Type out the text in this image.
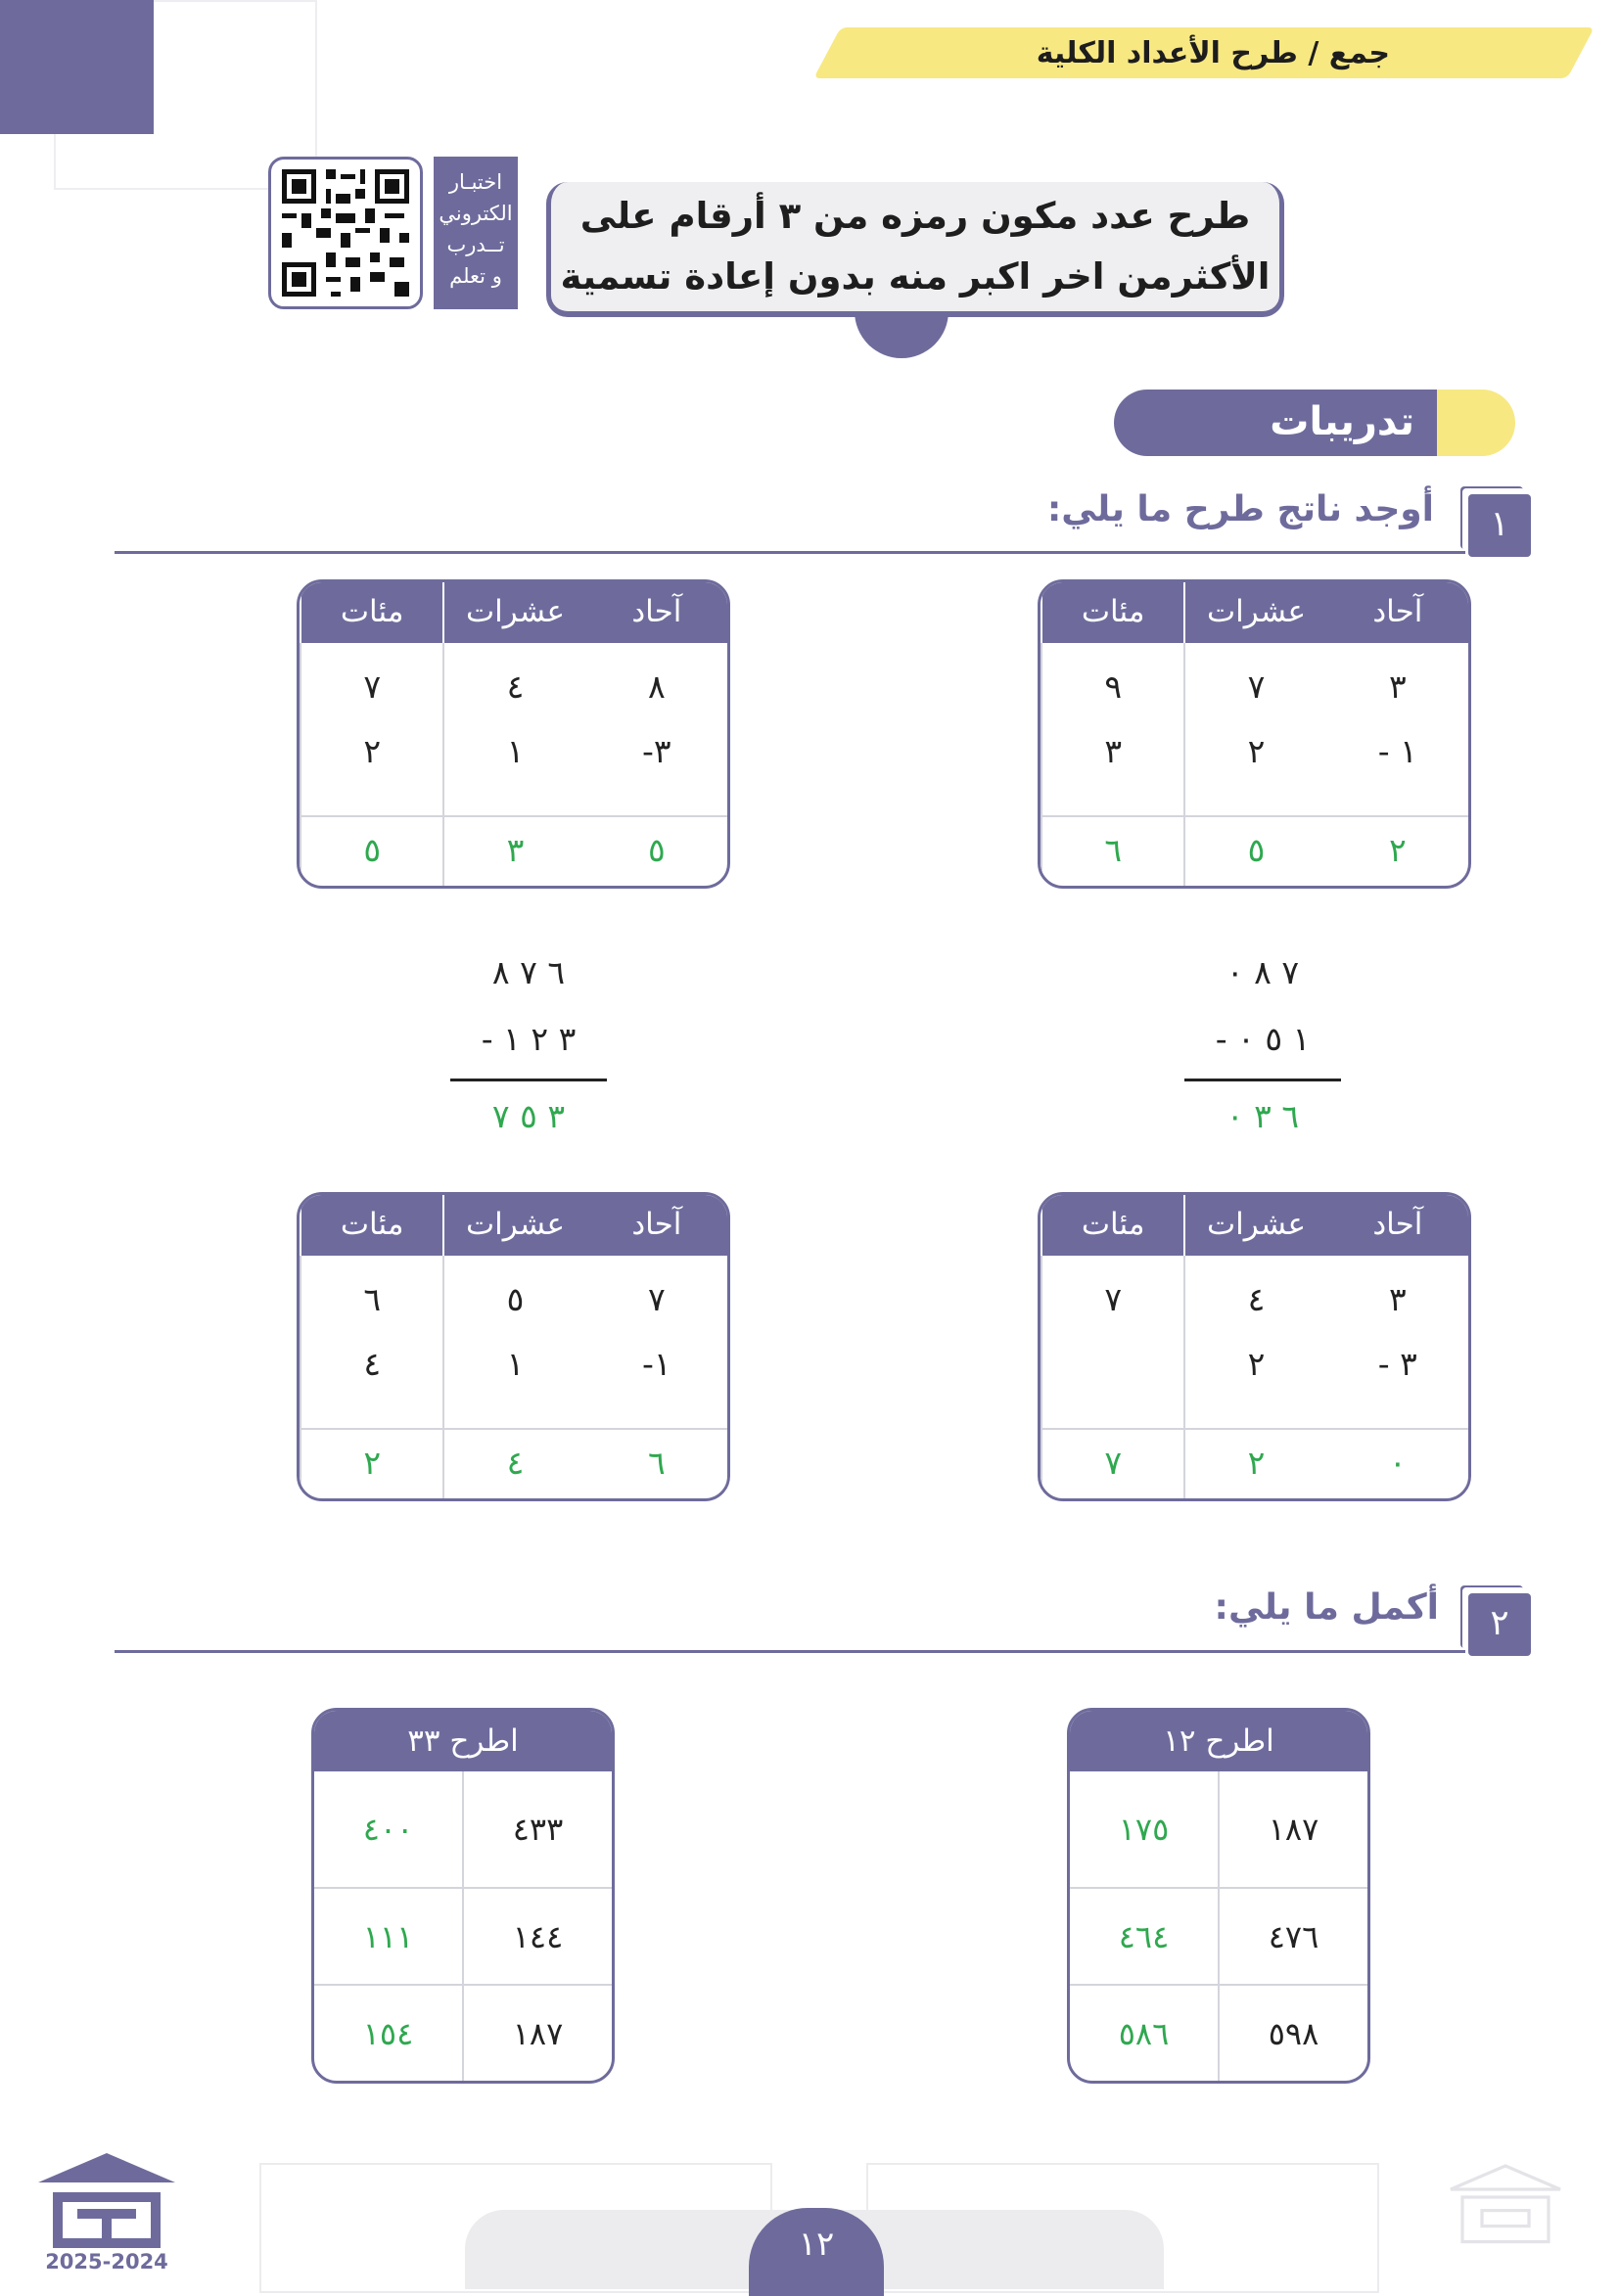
جمع / طرح الأعداد الكلية
طرح عدد مكون رمزه من ٣ أرقام على
الأكثرمن اخر اكبر منه بدون إعادة تسمية
اختبـار
الكتروني
تــدرب
و تعلم
تدريبات
١
أوجد ناتج طرح ما يلي:
آحاد
عشرات
مئات
٣
١ -
٧
٢
٩
٣
٢
٥
٦
آحاد
عشرات
مئات
٨
٣-
٤
١
٧
٢
٥
٣
٥
٧ ٨ ٠
١ ٥ ٠ -
٦ ٣ ٠
٦ ٧ ٨
٣ ٢ ١ -
٣ ٥ ٧
آحاد
عشرات
مئات
٣
٣ -
٤
٢
٧
٠
٢
٧
آحاد
عشرات
مئات
٧
١-
٥
١
٦
٤
٦
٤
٢
٢
أكمل ما يلي:
اطرح ١٢
١٨٧
١٧٥
٤٧٦
٤٦٤
٥٩٨
٥٨٦
اطرح ٣٣
٤٣٣
٤٠٠
١٤٤
١١١
١٨٧
١٥٤
١٢
2025-2024
